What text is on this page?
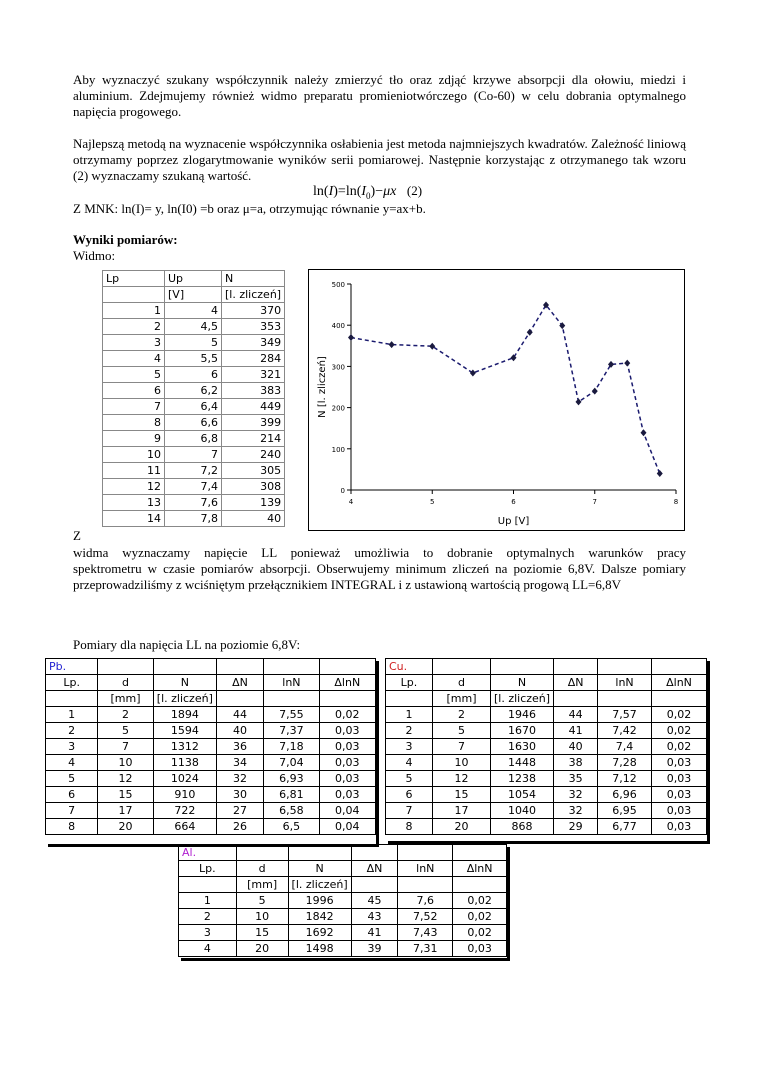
Aby wyznaczyć szukany współczynnik należy zmierzyć tło oraz zdjąć krzywe absorpcji dla ołowiu, miedzi i aluminium. Zdejmujemy również widmo preparatu promieniotwórczego (Co-60) w celu dobrania optymalnego napięcia progowego.
Najlepszą metodą na wyznacenie współczynnika osłabienia jest metoda najmniejszych kwadratów. Zależność liniową otrzymamy poprzez zlogarytmowanie wyników serii pomiarowej. Następnie korzystając z otrzymanego tak wzoru (2) wyznaczamy szukaną wartość.
$\ln(I)=\ln(I_0)-\mu x$ (2)
Z MNK: ln(I)= y, ln(I0) =b oraz μ=a, otrzymując równanie y=ax+b.
Wyniki pomiarów:
Widmo:
Lp	Up	N
	[V]	[l. zliczeń]
1	4	370
2	4,5	353
3	5	349
4	5,5	284
5	6	321
6	6,2	383
7	6,4	449
8	6,6	399
9	6,8	214
10	7	240
11	7,2	305
12	7,4	308
13	7,6	139
14	7,8	40
0
100
200
300
400
500
4	5	6	7	8
Up [V]
N [l. zliczeń]
Z
widma wyznaczamy napięcie LL ponieważ umożliwia to dobranie optymalnych warunków pracy
spektrometru w czasie pomiarów absorpcji. Obserwujemy minimum zliczeń na poziomie 6,8V. Dalsze pomiary przeprowadziliśmy z wciśniętym przełącznikiem INTEGRAL i z ustawioną wartością progową LL=6,8V
Pomiary dla napięcia LL na poziomie 6,8V:
Pb.					
Lp.	d	N	ΔN	lnN	ΔlnN
	[mm]	[l. zliczeń]			
1	2	1894	44	7,55	0,02
2	5	1594	40	7,37	0,03
3	7	1312	36	7,18	0,03
4	10	1138	34	7,04	0,03
5	12	1024	32	6,93	0,03
6	15	910	30	6,81	0,03
7	17	722	27	6,58	0,04
8	20	664	26	6,5	0,04
Cu.					
Lp.	d	N	ΔN	lnN	ΔlnN
	[mm]	[l. zliczeń]			
1	2	1946	44	7,57	0,02
2	5	1670	41	7,42	0,02
3	7	1630	40	7,4	0,02
4	10	1448	38	7,28	0,03
5	12	1238	35	7,12	0,03
6	15	1054	32	6,96	0,03
7	17	1040	32	6,95	0,03
8	20	868	29	6,77	0,03
Al.					
Lp.	d	N	ΔN	lnN	ΔlnN
	[mm]	[l. zliczeń]			
1	5	1996	45	7,6	0,02
2	10	1842	43	7,52	0,02
3	15	1692	41	7,43	0,02
4	20	1498	39	7,31	0,03
